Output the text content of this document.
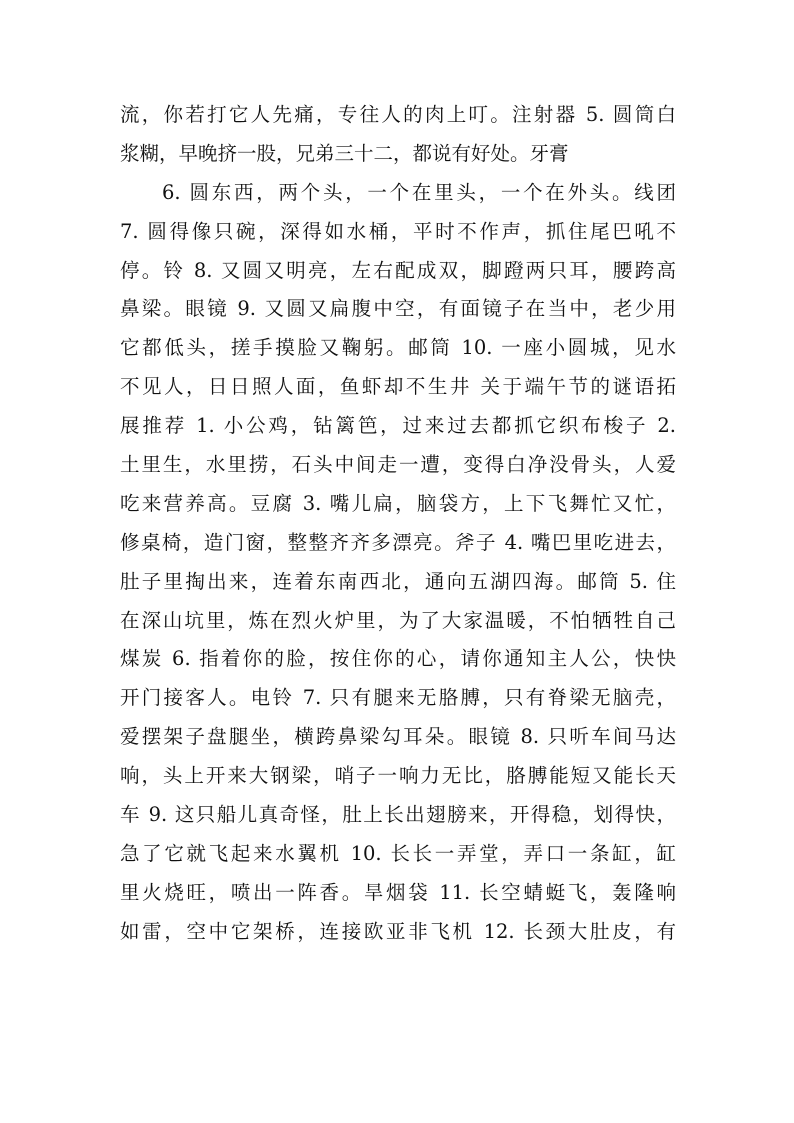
流，你若打它人先痛，专往人的肉上叮。注射器 5. 圆筒白
浆糊，早晚挤一股，兄弟三十二，都说有好处。牙膏
6. 圆东西，两个头，一个在里头，一个在外头。线团
7. 圆得像只碗，深得如水桶，平时不作声，抓住尾巴吼不
停。铃 8. 又圆又明亮，左右配成双，脚蹬两只耳，腰跨高
鼻梁。眼镜 9. 又圆又扁腹中空，有面镜子在当中，老少用
它都低头，搓手摸脸又鞠躬。邮筒 10. 一座小圆城，见水
不见人，日日照人面，鱼虾却不生井 关于端午节的谜语拓
展推荐 1. 小公鸡，钻篱笆，过来过去都抓它织布梭子 2.
土里生，水里捞，石头中间走一遭，变得白净没骨头，人爱
吃来营养高。豆腐 3. 嘴儿扁，脑袋方，上下飞舞忙又忙，
修桌椅，造门窗，整整齐齐多漂亮。斧子 4. 嘴巴里吃进去，
肚子里掏出来，连着东南西北，通向五湖四海。邮筒 5. 住
在深山坑里，炼在烈火炉里，为了大家温暖，不怕牺牲自己
煤炭 6. 指着你的脸，按住你的心，请你通知主人公，快快
开门接客人。电铃 7. 只有腿来无胳膊，只有脊梁无脑壳，
爱摆架子盘腿坐，横跨鼻梁勾耳朵。眼镜 8. 只听车间马达
响，头上开来大钢梁，哨子一响力无比，胳膊能短又能长天
车 9. 这只船儿真奇怪，肚上长出翅膀来，开得稳，划得快，
急了它就飞起来水翼机 10. 长长一弄堂，弄口一条缸，缸
里火烧旺，喷出一阵香。旱烟袋 11. 长空蜻蜓飞，轰隆响
如雷，空中它架桥，连接欧亚非飞机 12. 长颈大肚皮，有
